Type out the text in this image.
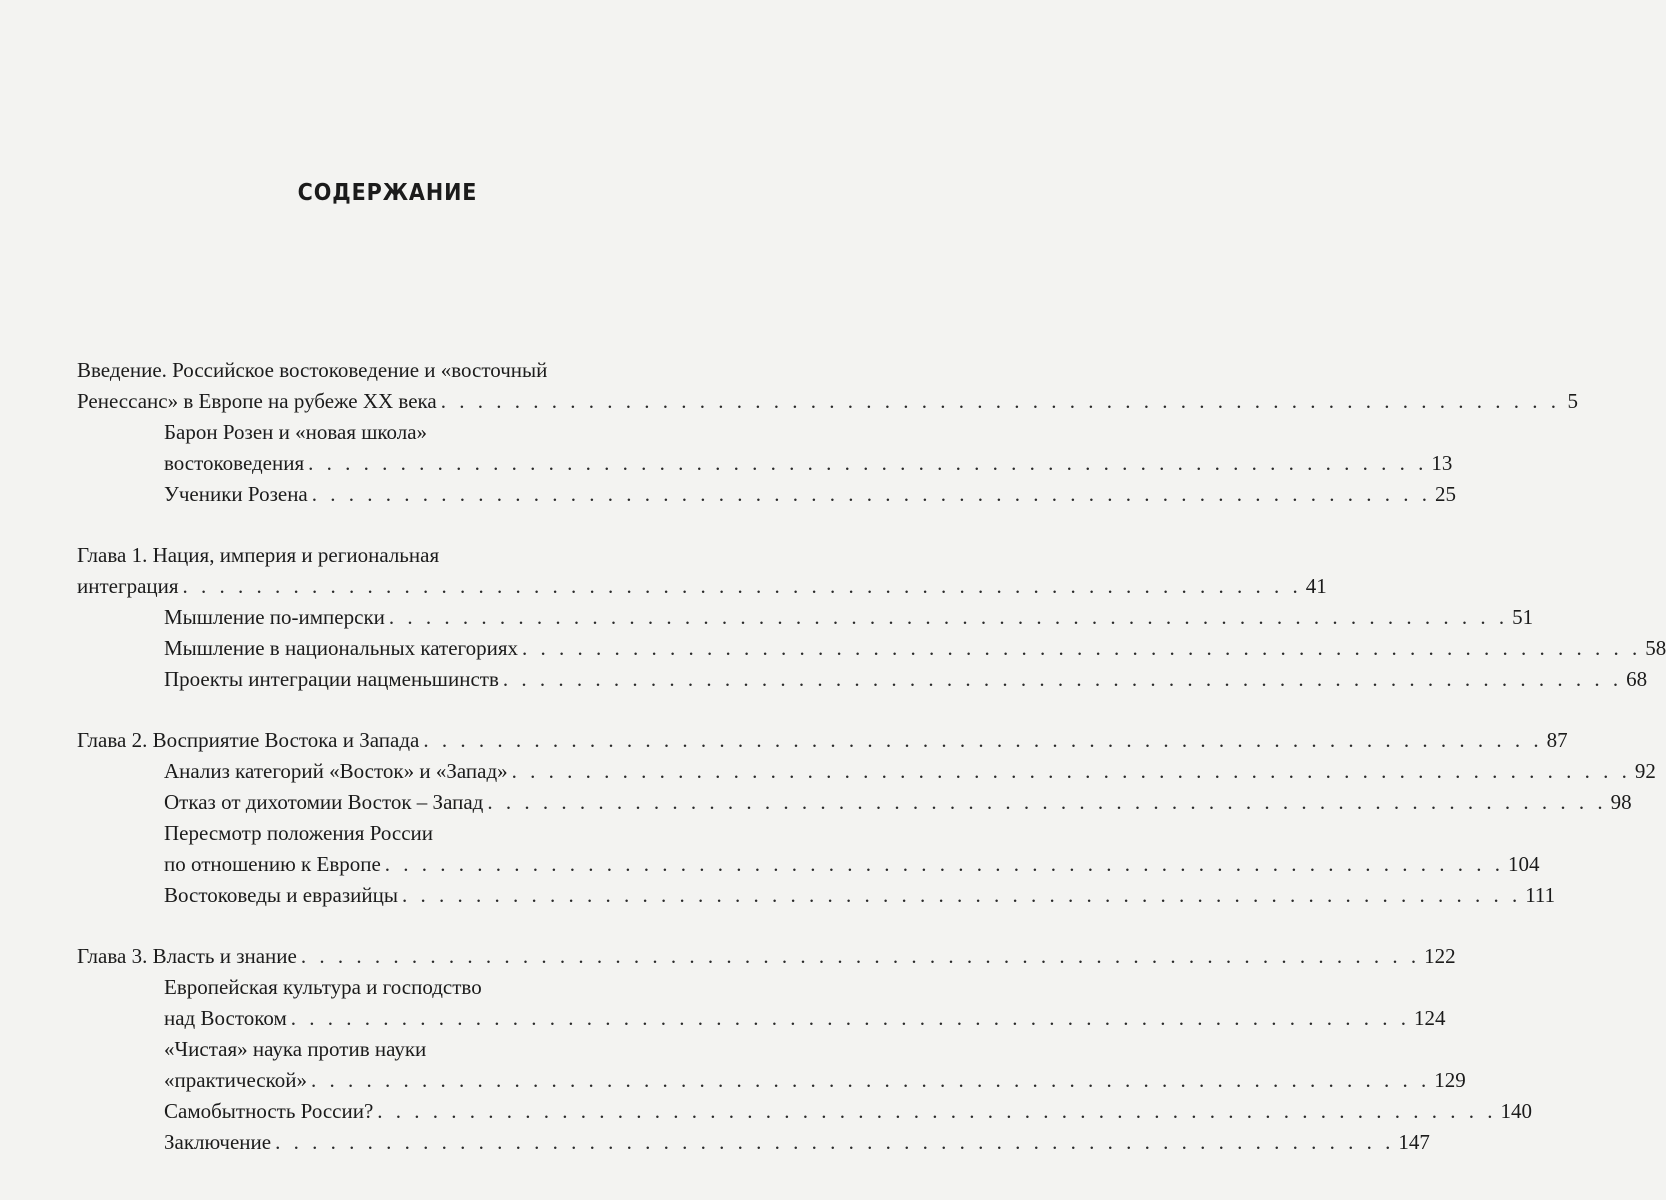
СОДЕРЖАНИЕ
Введение. Российское востоковедение и «восточный
Ренессанс» в Европе на рубеже XX века . . . . . . . . . . . . . . . . . . . . . . . . . . . . . . . . . . . . . . . . . . . . . . . . . . . . . . . . . . . . . 5
Барон Розен и «новая школа»
востоковедения . . . . . . . . . . . . . . . . . . . . . . . . . . . . . . . . . . . . . . . . . . . . . . . . . . . . . . . . . . . . . 13
Ученики Розена . . . . . . . . . . . . . . . . . . . . . . . . . . . . . . . . . . . . . . . . . . . . . . . . . . . . . . . . . . . . . 25
Глава 1. Нация, империя и региональная
интеграция . . . . . . . . . . . . . . . . . . . . . . . . . . . . . . . . . . . . . . . . . . . . . . . . . . . . . . . . . . . . . 41
Мышление по-имперски . . . . . . . . . . . . . . . . . . . . . . . . . . . . . . . . . . . . . . . . . . . . . . . . . . . . . . . . . . . . . 51
Мышление в национальных категориях . . . . . . . . . . . . . . . . . . . . . . . . . . . . . . . . . . . . . . . . . . . . . . . . . . . . . . . . . . . . . 58
Проекты интеграции нацменьшинств . . . . . . . . . . . . . . . . . . . . . . . . . . . . . . . . . . . . . . . . . . . . . . . . . . . . . . . . . . . . . 68
Глава 2. Восприятие Востока и Запада . . . . . . . . . . . . . . . . . . . . . . . . . . . . . . . . . . . . . . . . . . . . . . . . . . . . . . . . . . . . . 87
Анализ категорий «Восток» и «Запад» . . . . . . . . . . . . . . . . . . . . . . . . . . . . . . . . . . . . . . . . . . . . . . . . . . . . . . . . . . . . . 92
Отказ от дихотомии Восток – Запад . . . . . . . . . . . . . . . . . . . . . . . . . . . . . . . . . . . . . . . . . . . . . . . . . . . . . . . . . . . . . 98
Пересмотр положения России
по отношению к Европе . . . . . . . . . . . . . . . . . . . . . . . . . . . . . . . . . . . . . . . . . . . . . . . . . . . . . . . . . . . . . 104
Востоковеды и евразийцы . . . . . . . . . . . . . . . . . . . . . . . . . . . . . . . . . . . . . . . . . . . . . . . . . . . . . . . . . . . . . 111
Глава 3. Власть и знание . . . . . . . . . . . . . . . . . . . . . . . . . . . . . . . . . . . . . . . . . . . . . . . . . . . . . . . . . . . . . 122
Европейская культура и господство
над Востоком . . . . . . . . . . . . . . . . . . . . . . . . . . . . . . . . . . . . . . . . . . . . . . . . . . . . . . . . . . . . . 124
«Чистая» наука против науки
«практической» . . . . . . . . . . . . . . . . . . . . . . . . . . . . . . . . . . . . . . . . . . . . . . . . . . . . . . . . . . . . . 129
Самобытность России? . . . . . . . . . . . . . . . . . . . . . . . . . . . . . . . . . . . . . . . . . . . . . . . . . . . . . . . . . . . . . 140
Заключение . . . . . . . . . . . . . . . . . . . . . . . . . . . . . . . . . . . . . . . . . . . . . . . . . . . . . . . . . . . . . 147
